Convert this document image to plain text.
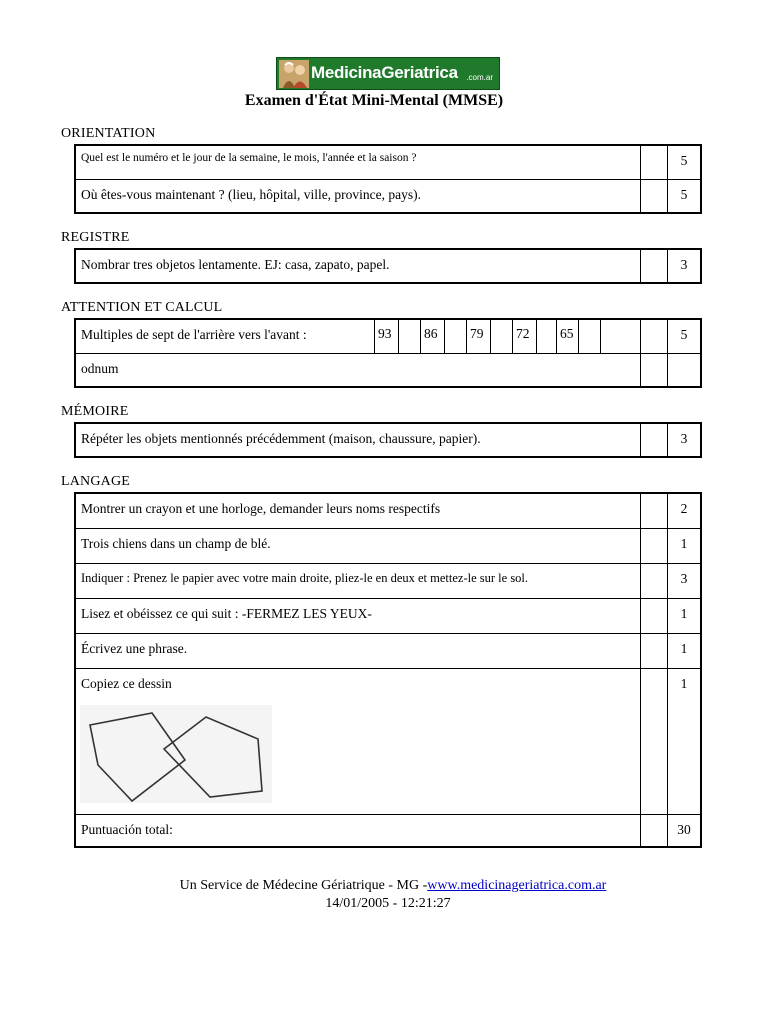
MedicinaGeriatrica .com.ar
Examen d'État Mini-Mental (MMSE)
ORIENTATION
Quel est le numéro et le jour de la semaine, le mois, l'année et la saison ?	5
Où êtes-vous maintenant ? (lieu, hôpital, ville, province, pays).	5
REGISTRE
Nombrar tres objetos lentamente. EJ: casa, zapato, papel.	3
ATTENTION ET CALCUL
Multiples de sept de l'arrière vers l'avant :	93	86	79	72	65	5
odnum
MÉMOIRE
Répéter les objets mentionnés précédemment (maison, chaussure, papier).	3
LANGAGE
Montrer un crayon et une horloge, demander leurs noms respectifs	2
Trois chiens dans un champ de blé.	1
Indiquer : Prenez le papier avec votre main droite, pliez-le en deux et mettez-le sur le sol.	3
Lisez et obéissez ce qui suit : -FERMEZ LES YEUX-	1
Écrivez une phrase.	1
Copiez ce dessin	1
Puntuación total:	30
Un Service de Médecine Gériatrique - MG -www.medicinageriatrica.com.ar
14/01/2005 - 12:21:27
